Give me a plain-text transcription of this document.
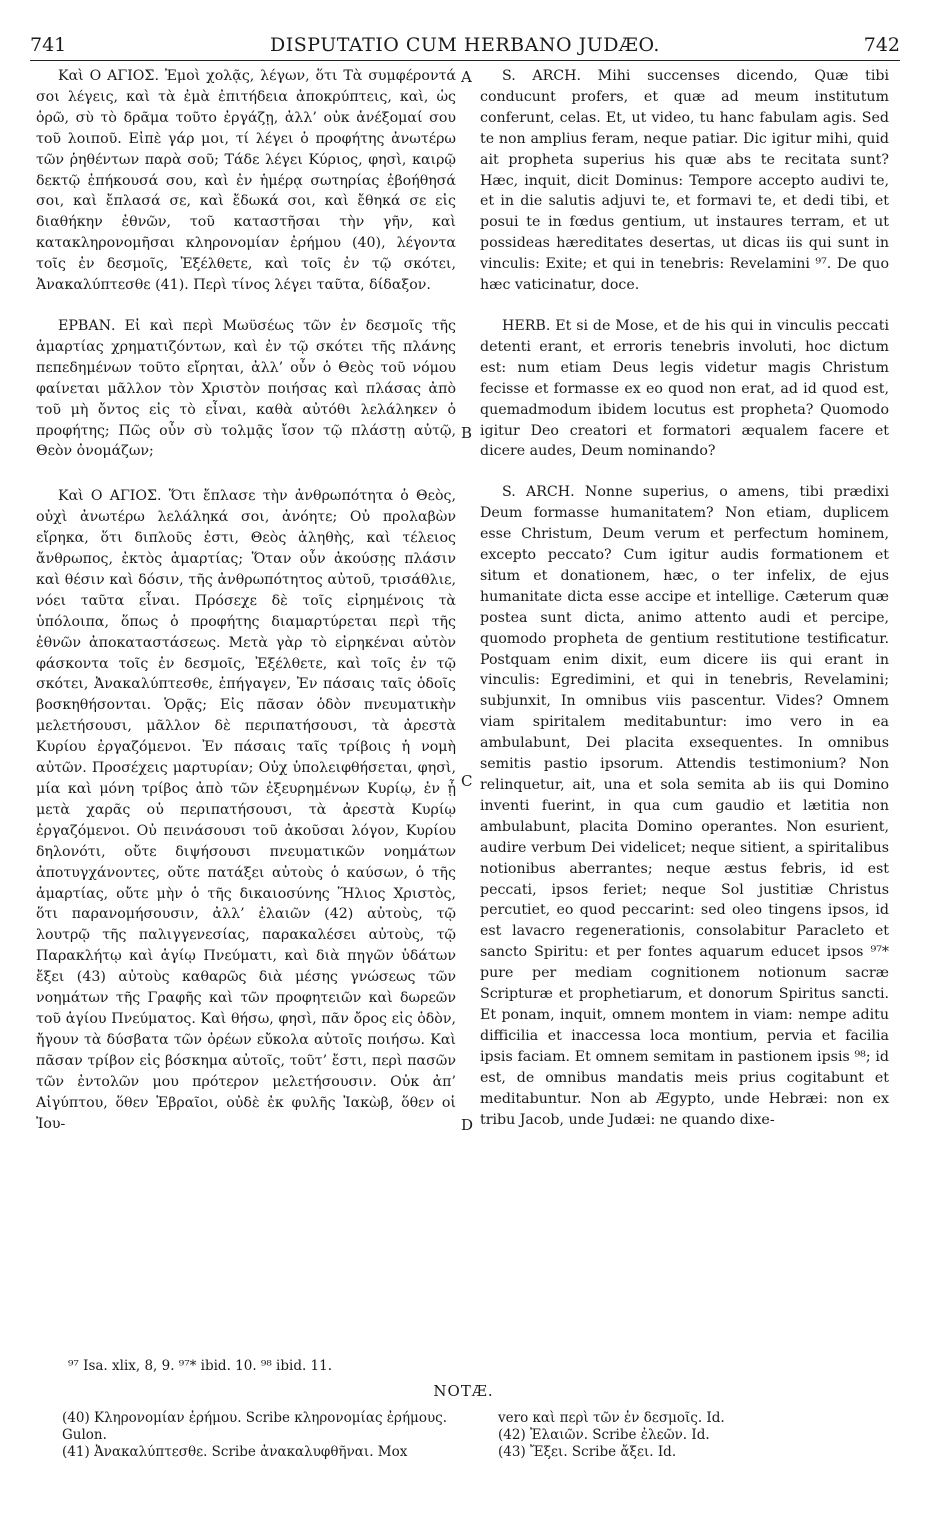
741	DISPUTATIO CUM HERBANO JUDÆO.	742

Καὶ Ο ΑΓΙΟΣ. Ἐμοὶ χολᾷς, λέγων, ὅτι Τὰ συμφέροντά σοι λέγεις, καὶ τὰ ἐμὰ ἐπιτήδεια ἀποκρύπτεις, καὶ, ὡς ὁρῶ, σὺ τὸ δρᾶμα τοῦτο ἐργάζῃ, ἀλλ’ οὐκ ἀνέξομαί σου τοῦ λοιποῦ. Εἰπὲ γάρ μοι, τί λέγει ὁ προφήτης ἀνωτέρω τῶν ῥηθέντων παρὰ σοῦ; Τάδε λέγει Κύριος, φησὶ, καιρῷ δεκτῷ ἐπήκουσά σου, καὶ ἐν ἡμέρᾳ σωτηρίας ἐβοήθησά σοι, καὶ ἔπλασά σε, καὶ ἔδωκά σοι, καὶ ἔθηκά σε εἰς διαθήκην ἐθνῶν, τοῦ καταστῆσαι τὴν γῆν, καὶ κατακληρονομῆσαι κληρονομίαν ἐρήμου (40), λέγοντα τοῖς ἐν δεσμοῖς, Ἐξέλθετε, καὶ τοῖς ἐν τῷ σκότει, Ἀνακαλύπτεσθε (41). Περὶ τίνος λέγει ταῦτα, δίδαξον.

ΕΡΒΑΝ. Εἰ καὶ περὶ Μωϋσέως τῶν ἐν δεσμοῖς τῆς ἁμαρτίας χρηματιζόντων, καὶ ἐν τῷ σκότει τῆς πλάνης πεπεδημένων τοῦτο εἴρηται, ἀλλ’ οὖν ὁ Θεὸς τοῦ νόμου φαίνεται μᾶλλον τὸν Χριστὸν ποιήσας καὶ πλάσας ἀπὸ τοῦ μὴ ὄντος εἰς τὸ εἶναι, καθὰ αὐτόθι λελάληκεν ὁ προφήτης; Πῶς οὖν σὺ τολμᾷς ἴσον τῷ πλάστῃ αὐτῷ, Θεὸν ὀνομάζων;

Καὶ Ο ΑΓΙΟΣ. Ὅτι ἔπλασε τὴν ἀνθρωπότητα ὁ Θεὸς, οὐχὶ ἀνωτέρω λελάληκά σοι, ἀνόητε; Οὐ προλαβὼν εἴρηκα, ὅτι διπλοῦς ἐστι, Θεὸς ἀληθὴς, καὶ τέλειος ἄνθρωπος, ἐκτὸς ἁμαρτίας; Ὅταν οὖν ἀκούσῃς πλάσιν καὶ θέσιν καὶ δόσιν, τῆς ἀνθρωπότητος αὐτοῦ, τρισάθλιε, νόει ταῦτα εἶναι. Πρόσεχε δὲ τοῖς εἰρημένοις τὰ ὑπόλοιπα, ὅπως ὁ προφήτης διαμαρτύρεται περὶ τῆς ἐθνῶν ἀποκαταστάσεως. Μετὰ γὰρ τὸ εἰρηκέναι αὐτὸν φάσκοντα τοῖς ἐν δεσμοῖς, Ἐξέλθετε, καὶ τοῖς ἐν τῷ σκότει, Ἀνακαλύπτεσθε, ἐπήγαγεν, Ἐν πάσαις ταῖς ὁδοῖς βοσκηθήσονται. Ὁρᾷς; Εἰς πᾶσαν ὁδὸν πνευματικὴν μελετήσουσι, μᾶλλον δὲ περιπατήσουσι, τὰ ἀρεστὰ Κυρίου ἐργαζόμενοι. Ἐν πάσαις ταῖς τρίβοις ἡ νομὴ αὐτῶν. Προσέχεις μαρτυρίαν; Οὐχ ὑπολειφθήσεται, φησὶ, μία καὶ μόνη τρίβος ἀπὸ τῶν ἐξευρημένων Κυρίῳ, ἐν ᾗ μετὰ χαρᾶς οὐ περιπατήσουσι, τὰ ἀρεστὰ Κυρίῳ ἐργαζόμενοι. Οὐ πεινάσουσι τοῦ ἀκοῦσαι λόγον, Κυρίου δηλονότι, οὔτε διψήσουσι πνευματικῶν νοημάτων ἀποτυγχάνοντες, οὔτε πατάξει αὐτοὺς ὁ καύσων, ὁ τῆς ἁμαρτίας, οὔτε μὴν ὁ τῆς δικαιοσύνης Ἥλιος Χριστὸς, ὅτι παρανομήσουσιν, ἀλλ’ ἐλαιῶν (42) αὐτοὺς, τῷ λουτρῷ τῆς παλιγγενεσίας, παρακαλέσει αὐτοὺς, τῷ Παρακλήτῳ καὶ ἁγίῳ Πνεύματι, καὶ διὰ πηγῶν ὑδάτων ἔξει (43) αὐτοὺς καθαρῶς διὰ μέσης γνώσεως τῶν νοημάτων τῆς Γραφῆς καὶ τῶν προφητειῶν καὶ δωρεῶν τοῦ ἁγίου Πνεύματος. Καὶ θήσω, φησὶ, πᾶν ὄρος εἰς ὁδὸν, ἤγουν τὰ δύσβατα τῶν ὀρέων εὔκολα αὐτοῖς ποιήσω. Καὶ πᾶσαν τρίβον εἰς βόσκημα αὐτοῖς, τοῦτ’ ἔστι, περὶ πασῶν τῶν ἐντολῶν μου πρότερον μελετήσουσιν. Οὐκ ἀπ’ Αἰγύπτου, ὅθεν Ἑβραῖοι, οὐδὲ ἐκ φυλῆς Ἰακὼβ, ὅθεν οἱ Ἰου-

S. ARCH. Mihi succenses dicendo, Quæ tibi conducunt profers, et quæ ad meum institutum conferunt, celas. Et, ut video, tu hanc fabulam agis. Sed te non amplius feram, neque patiar. Dic igitur mihi, quid ait propheta superius his quæ abs te recitata sunt? Hæc, inquit, dicit Dominus: Tempore accepto audivi te, et in die salutis adjuvi te, et formavi te, et dedi tibi, et posui te in fœdus gentium, ut instaures terram, et ut possideas hæreditates desertas, ut dicas iis qui sunt in vinculis: Exite; et qui in tenebris: Revelamini ⁹⁷. De quo hæc vaticinatur, doce.

HERB. Et si de Mose, et de his qui in vinculis peccati detenti erant, et erroris tenebris involuti, hoc dictum est: num etiam Deus legis videtur magis Christum fecisse et formasse ex eo quod non erat, ad id quod est, quemadmodum ibidem locutus est propheta? Quomodo igitur Deo creatori et formatori æqualem facere et dicere audes, Deum nominando?

S. ARCH. Nonne superius, o amens, tibi prædixi Deum formasse humanitatem? Non etiam, duplicem esse Christum, Deum verum et perfectum hominem, excepto peccato? Cum igitur audis formationem et situm et donationem, hæc, o ter infelix, de ejus humanitate dicta esse accipe et intellige. Cæterum quæ postea sunt dicta, animo attento audi et percipe, quomodo propheta de gentium restitutione testificatur. Postquam enim dixit, eum dicere iis qui erant in vinculis: Egredimini, et qui in tenebris, Revelamini; subjunxit, In omnibus viis pascentur. Vides? Omnem viam spiritalem meditabuntur: imo vero in ea ambulabunt, Dei placita exsequentes. In omnibus semitis pastio ipsorum. Attendis testimonium? Non relinquetur, ait, una et sola semita ab iis qui Domino inventi fuerint, in qua cum gaudio et lætitia non ambulabunt, placita Domino operantes. Non esurient, audire verbum Dei videlicet; neque sitient, a spiritalibus notionibus aberrantes; neque æstus febris, id est peccati, ipsos feriet; neque Sol justitiæ Christus percutiet, eo quod peccarint: sed oleo tingens ipsos, id est lavacro regenerationis, consolabitur Paracleto et sancto Spiritu: et per fontes aquarum educet ipsos ⁹⁷* pure per mediam cognitionem notionum sacræ Scripturæ et prophetiarum, et donorum Spiritus sancti. Et ponam, inquit, omnem montem in viam: nempe aditu difficilia et inaccessa loca montium, pervia et facilia ipsis faciam. Et omnem semitam in pastionem ipsis ⁹⁸; id est, de omnibus mandatis meis prius cogitabunt et meditabuntur. Non ab Ægypto, unde Hebræi: non ex tribu Jacob, unde Judæi: ne quando dixe-

A
B
C
D
⁹⁷ Isa. xlix, 8, 9. ⁹⁷* ibid. 10. ⁹⁸ ibid. 11.
NOTÆ.

(40) Κληρονομίαν ἐρήμου. Scribe κληρονομίας ἐρήμους. Gulon.

(41) Ἀνακαλύπτεσθε. Scribe ἀνακαλυφθῆναι. Mox

vero καὶ περὶ τῶν ἐν δεσμοῖς. Id.

(42) Ἐλαιῶν. Scribe ἐλεῶν. Id.

(43) Ἔξει. Scribe ἄξει. Id.
